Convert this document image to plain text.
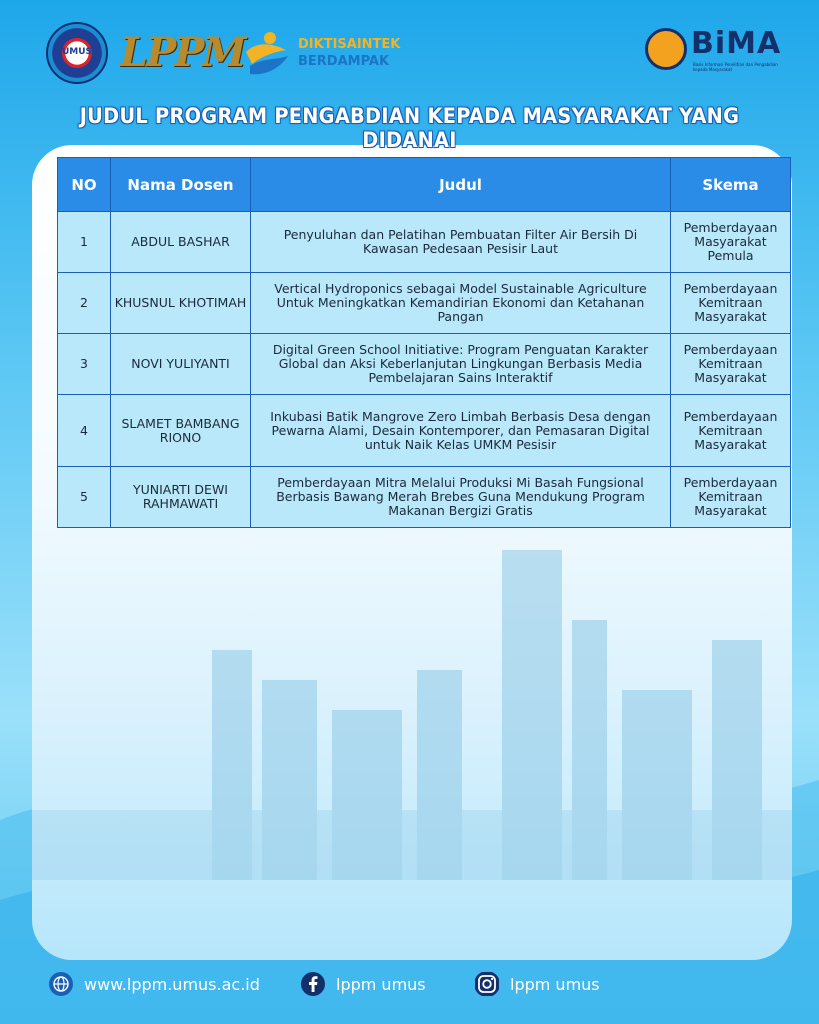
UMUS LPPM	DIKTISAINTEK
BERDAMPAK
BiMA
Basis Informasi Penelitian dan Pengabdian kepada Masyarakat
JUDUL PROGRAM PENGABDIAN KEPADA MASYARAKAT YANG DIDANAI
NO	Nama Dosen	Judul	Skema
1	ABDUL BASHAR	Penyuluhan dan Pelatihan Pembuatan Filter Air Bersih Di Kawasan Pedesaan Pesisir Laut	Pemberdayaan Masyarakat Pemula
2	KHUSNUL KHOTIMAH	Vertical Hydroponics sebagai Model Sustainable Agriculture Untuk Meningkatkan Kemandirian Ekonomi dan Ketahanan Pangan	Pemberdayaan Kemitraan Masyarakat
3	NOVI YULIYANTI	Digital Green School Initiative: Program Penguatan Karakter Global dan Aksi Keberlanjutan Lingkungan Berbasis Media Pembelajaran Sains Interaktif	Pemberdayaan Kemitraan Masyarakat
4	SLAMET BAMBANG RIONO	Inkubasi Batik Mangrove Zero Limbah Berbasis Desa dengan Pewarna Alami, Desain Kontemporer, dan Pemasaran Digital untuk Naik Kelas UMKM Pesisir	Pemberdayaan Kemitraan Masyarakat
5	YUNIARTI DEWI RAHMAWATI	Pemberdayaan Mitra Melalui Produksi Mi Basah Fungsional Berbasis Bawang Merah Brebes Guna Mendukung Program Makanan Bergizi Gratis	Pemberdayaan Kemitraan Masyarakat
www.lppm.umus.ac.id	lppm umus	lppm umus
